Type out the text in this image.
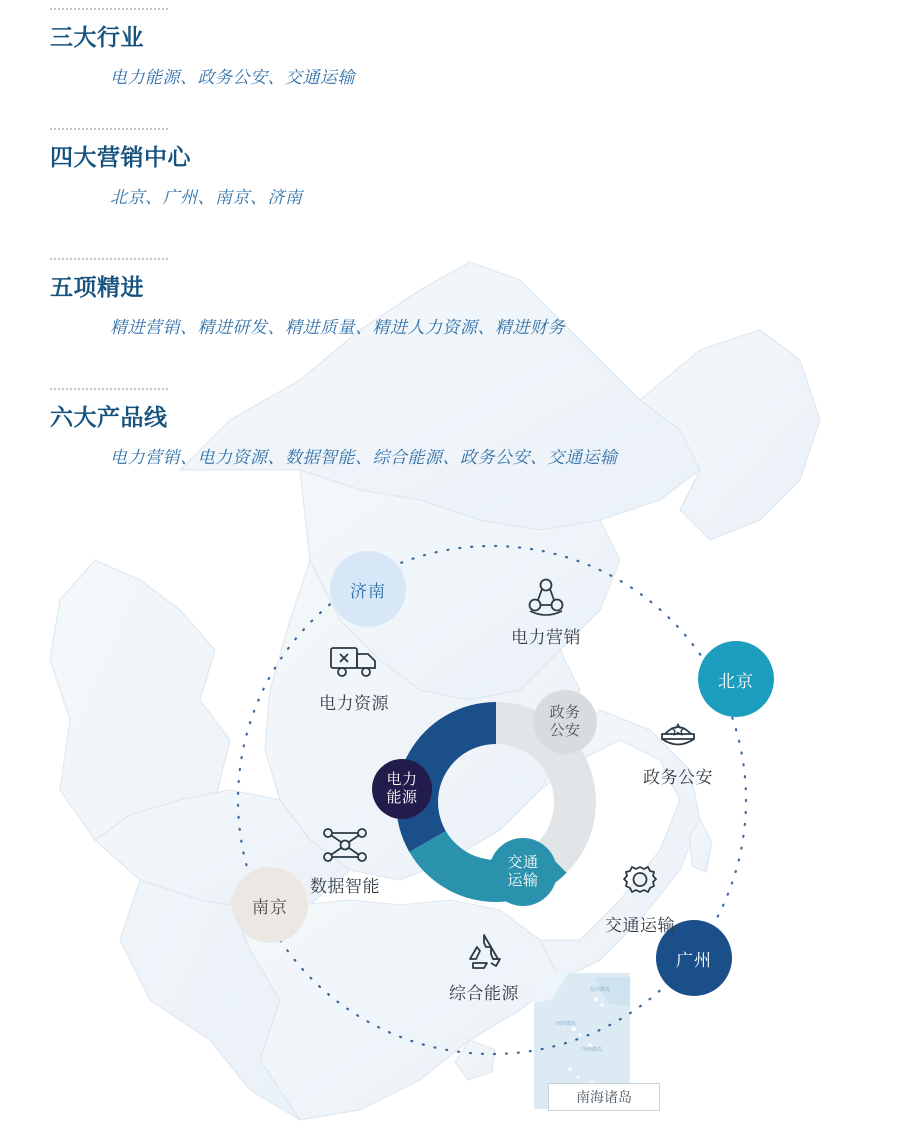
东沙群岛
西沙群岛
中沙群岛
南海诸岛
三大行业
电力能源、政务公安、交通运输
四大营销中心
北京、广州、南京、济南
五项精进
精进营销、精进研发、精进质量、精进人力资源、精进财务
六大产品线
电力营销、电力资源、数据智能、综合能源、政务公安、交通运输
电力
能源
政务
公安
交通
运输
济南
北京
南京
广州
电力营销
电力资源
数据智能
综合能源
政务公安
交通运输
